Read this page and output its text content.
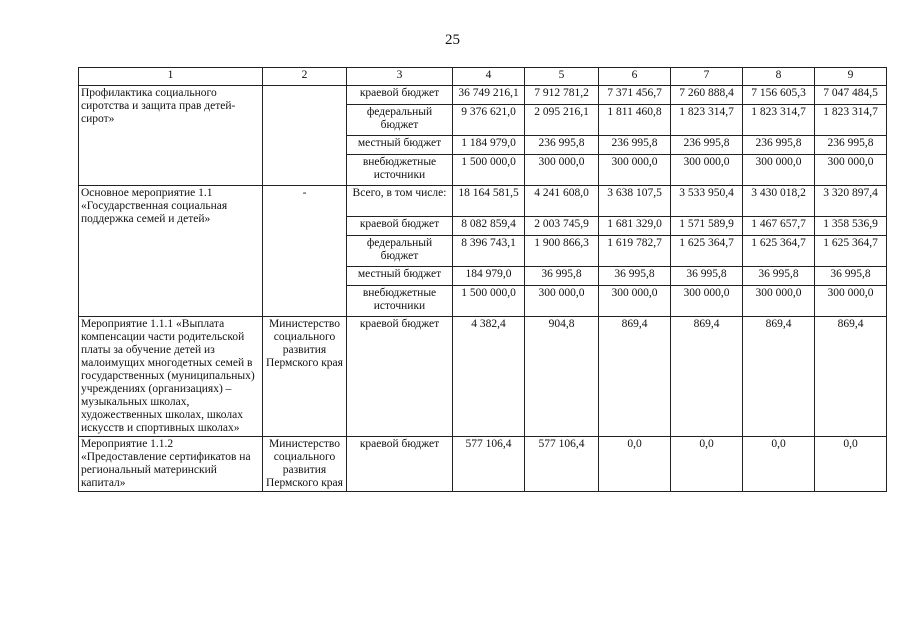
25
1	2	3	4	5	6	7	8	9
Профилактика социального сиротства и защита прав детей-сирот»		краевой бюджет	36 749 216,1	7 912 781,2	7 371 456,7	7 260 888,4	7 156 605,3	7 047 484,5
		федеральный бюджет	9 376 621,0	2 095 216,1	1 811 460,8	1 823 314,7	1 823 314,7	1 823 314,7
		местный бюджет	1 184 979,0	236 995,8	236 995,8	236 995,8	236 995,8	236 995,8
		внебюджетные источники	1 500 000,0	300 000,0	300 000,0	300 000,0	300 000,0	300 000,0
Основное мероприятие 1.1 «Государственная социальная поддержка семей и детей»	-	Всего, в том числе:	18 164 581,5	4 241 608,0	3 638 107,5	3 533 950,4	3 430 018,2	3 320 897,4
		краевой бюджет	8 082 859,4	2 003 745,9	1 681 329,0	1 571 589,9	1 467 657,7	1 358 536,9
		федеральный бюджет	8 396 743,1	1 900 866,3	1 619 782,7	1 625 364,7	1 625 364,7	1 625 364,7
		местный бюджет	184 979,0	36 995,8	36 995,8	36 995,8	36 995,8	36 995,8
		внебюджетные источники	1 500 000,0	300 000,0	300 000,0	300 000,0	300 000,0	300 000,0
Мероприятие 1.1.1 «Выплата компенсации части родительской платы за обучение детей из малоимущих многодетных семей в государственных (муниципальных) учреждениях (организациях) – музыкальных школах, художественных школах, школах искусств и спортивных школах»	Министерство социального развития Пермского края	краевой бюджет	4 382,4	904,8	869,4	869,4	869,4	869,4
Мероприятие 1.1.2 «Предоставлeние сертификатов на региональный материнский капитал»	Министерство социального развития Пермского края	краевой бюджет	577 106,4	577 106,4	0,0	0,0	0,0	0,0
